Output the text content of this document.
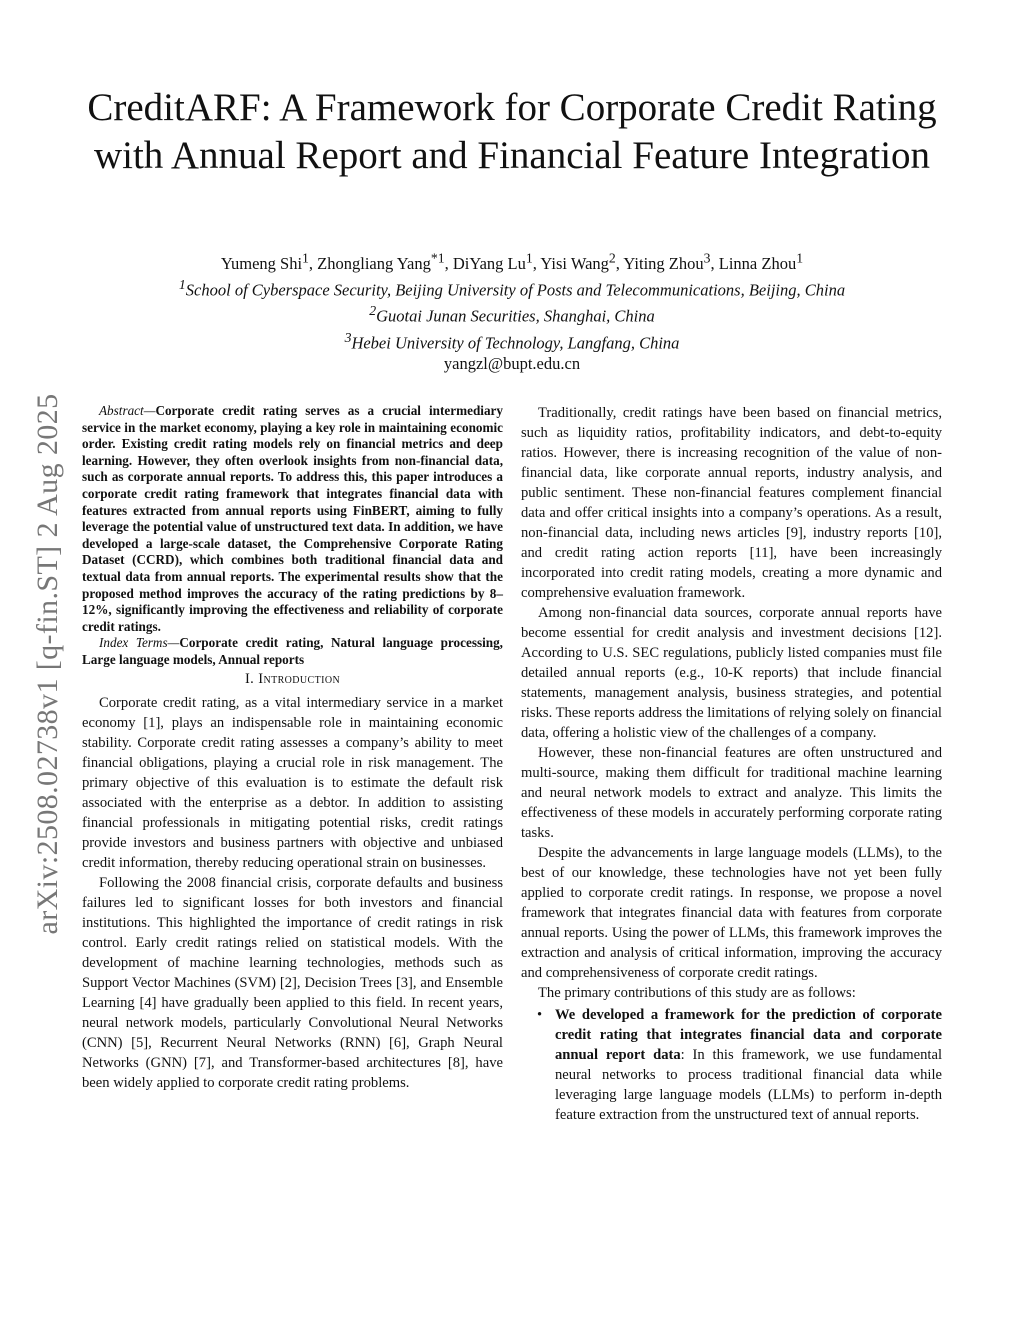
CreditARF: A Framework for Corporate Credit Rating with Annual Report and Financial Feature Integration
Yumeng Shi$^1$, Zhongliang Yang$^{*1}$, DiYang Lu$^1$, Yisi Wang$^2$, Yiting Zhou$^3$, Linna Zhou$^1$
$^1$School of Cyberspace Security, Beijing University of Posts and Telecommunications, Beijing, China
$^2$Guotai Junan Securities, Shanghai, China
$^3$Hebei University of Technology, Langfang, China
yangzl@bupt.edu.cn
arXiv:2508.02738v1 [q-fin.ST] 2 Aug 2025	Abstract—Corporate credit rating serves as a crucial intermediary service in the market economy, playing a key role in maintaining economic order. Existing credit rating models rely on financial metrics and deep learning. However, they often overlook insights from non-financial data, such as corporate annual reports. To address this, this paper introduces a corporate credit rating framework that integrates financial data with features extracted from annual reports using FinBERT, aiming to fully leverage the potential value of unstructured text data. In addition, we have developed a large-scale dataset, the Comprehensive Corporate Rating Dataset (CCRD), which combines both traditional financial data and textual data from annual reports. The experimental results show that the proposed method improves the accuracy of the rating predictions by 8–12%, significantly improving the effectiveness and reliability of corporate credit ratings.

Index Terms—Corporate credit rating, Natural language processing, Large language models, Annual reports

I. Introduction

Corporate credit rating, as a vital intermediary service in a market economy [1], plays an indispensable role in maintaining economic stability. Corporate credit rating assesses a company’s ability to meet financial obligations, playing a crucial role in risk management. The primary objective of this evaluation is to estimate the default risk associated with the enterprise as a debtor. In addition to assisting financial professionals in mitigating potential risks, credit ratings provide investors and business partners with objective and unbiased credit information, thereby reducing operational strain on businesses.

Following the 2008 financial crisis, corporate defaults and business failures led to significant losses for both investors and financial institutions. This highlighted the importance of credit ratings in risk control. Early credit ratings relied on statistical models. With the development of machine learning technologies, methods such as Support Vector Machines (SVM) [2], Decision Trees [3], and Ensemble Learning [4] have gradually been applied to this field. In recent years, neural network models, particularly Convolutional Neural Networks (CNN) [5], Recurrent Neural Networks (RNN) [6], Graph Neural Networks (GNN) [7], and Transformer-based architectures [8], have been widely applied to corporate credit rating problems.

Traditionally, credit ratings have been based on financial metrics, such as liquidity ratios, profitability indicators, and debt-to-equity ratios. However, there is increasing recognition of the value of non-financial data, like corporate annual reports, industry analysis, and public sentiment. These non-financial features complement financial data and offer critical insights into a company’s operations. As a result, non-financial data, including news articles [9], industry reports [10], and credit rating action reports [11], have been increasingly incorporated into credit rating models, creating a more dynamic and comprehensive evaluation framework.

Among non-financial data sources, corporate annual reports have become essential for credit analysis and investment decisions [12]. According to U.S. SEC regulations, publicly listed companies must file detailed annual reports (e.g., 10-K reports) that include financial statements, management analysis, business strategies, and potential risks. These reports address the limitations of relying solely on financial data, offering a holistic view of the challenges of a company.

However, these non-financial features are often unstructured and multi-source, making them difficult for traditional machine learning and neural network models to extract and analyze. This limits the effectiveness of these models in accurately performing corporate rating tasks.

Despite the advancements in large language models (LLMs), to the best of our knowledge, these technologies have not yet been fully applied to corporate credit ratings. In response, we propose a novel framework that integrates financial data with features from corporate annual reports. Using the power of LLMs, this framework improves the extraction and analysis of critical information, improving the accuracy and comprehensiveness of corporate credit ratings.

The primary contributions of this study are as follows:

• We developed a framework for the prediction of corporate credit rating that integrates financial data and corporate annual report data: In this framework, we use fundamental neural networks to process traditional financial data while leveraging large language models (LLMs) to perform in-depth feature extraction from the unstructured text of annual reports.
